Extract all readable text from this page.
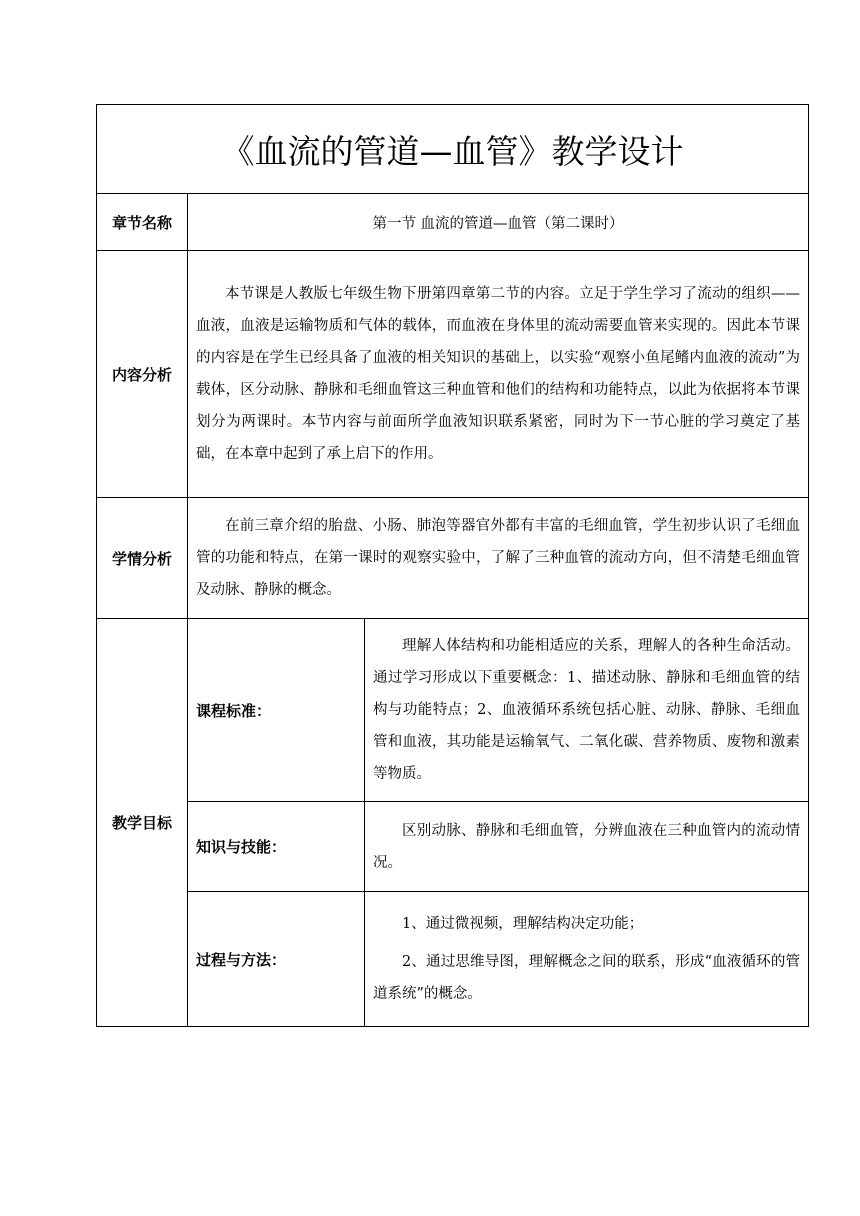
《血流的管道—血管》教学设计		
章节名称	第一节 血流的管道—血管（第二课时）	
内容分析	本节课是人教版七年级生物下册第四章第二节的内容。立足于学生学习了流动的组织——血液，血液是运输物质和气体的载体，而血液在身体里的流动需要血管来实现的。因此本节课的内容是在学生已经具备了血液的相关知识的基础上，以实验“观察小鱼尾鳍内血液的流动”为载体，区分动脉、静脉和毛细血管这三种血管和他们的结构和功能特点，以此为依据将本节课划分为两课时。本节内容与前面所学血液知识联系紧密，同时为下一节心脏的学习奠定了基础，在本章中起到了承上启下的作用。	
学情分析	在前三章介绍的胎盘、小肠、肺泡等器官外都有丰富的毛细血管，学生初步认识了毛细血管的功能和特点，在第一课时的观察实验中，了解了三种血管的流动方向，但不清楚毛细血管及动脉、静脉的概念。	
教学目标	课程标准：	理解人体结构和功能相适应的关系，理解人的各种生命活动。通过学习形成以下重要概念：1、描述动脉、静脉和毛细血管的结构与功能特点；2、血液循环系统包括心脏、动脉、静脉、毛细血管和血液，其功能是运输氧气、二氧化碳、营养物质、废物和激素等物质。
	知识与技能：	区别动脉、静脉和毛细血管，分辨血液在三种血管内的流动情况。
	过程与方法：	1、通过微视频，理解结构决定功能；

2、通过思维导图，理解概念之间的联系，形成“血液循环的管道系统”的概念。
